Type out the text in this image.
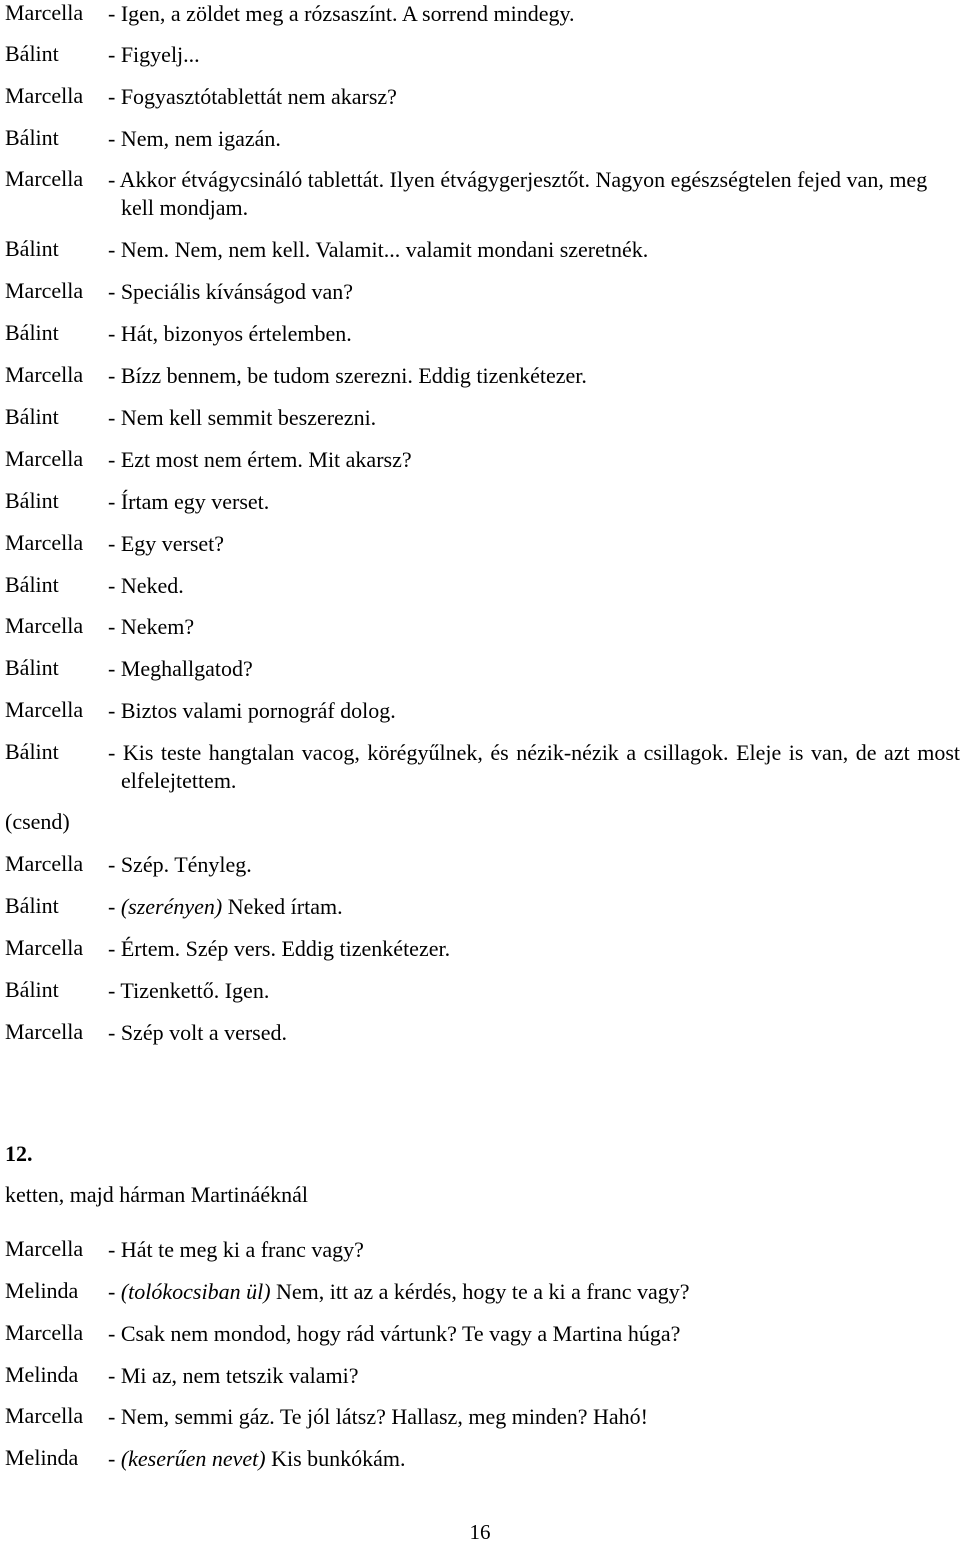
Marcella - Igen, a zöldet meg a rózsaszínt. A sorrend mindegy.
Bálint - Figyelj...
Marcella - Fogyasztótablettát nem akarsz?
Bálint - Nem, nem igazán.
Marcella - Akkor étvágycsináló tablettát. Ilyen étvágygerjesztőt. Nagyon egészségtelen fejed van, meg kell mondjam.
Bálint - Nem. Nem, nem kell. Valamit... valamit mondani szeretnék.
Marcella - Speciális kívánságod van?
Bálint - Hát, bizonyos értelemben.
Marcella - Bízz bennem, be tudom szerezni. Eddig tizenkétezer.
Bálint - Nem kell semmit beszerezni.
Marcella - Ezt most nem értem. Mit akarsz?
Bálint - Írtam egy verset.
Marcella - Egy verset?
Bálint - Neked.
Marcella - Nekem?
Bálint - Meghallgatod?
Marcella - Biztos valami pornográf dolog.
Bálint - Kis teste hangtalan vacog, körégyűlnek, és nézik-nézik a csillagok. Eleje is van, de azt most elfelejtettem.
(csend)
Marcella - Szép. Tényleg.
Bálint - (szerényen) Neked írtam.
Marcella - Értem. Szép vers. Eddig tizenkétezer.
Bálint - Tizenkettő. Igen.
Marcella - Szép volt a versed.
12.
ketten, majd hárman Martináéknál
Marcella - Hát te meg ki a franc vagy?
Melinda - (tolókocsiban ül) Nem, itt az a kérdés, hogy te a ki a franc vagy?
Marcella - Csak nem mondod, hogy rád vártunk? Te vagy a Martina húga?
Melinda - Mi az, nem tetszik valami?
Marcella - Nem, semmi gáz. Te jól látsz? Hallasz, meg minden? Hahó!
Melinda - (keserűen nevet) Kis bunkókám.
16
